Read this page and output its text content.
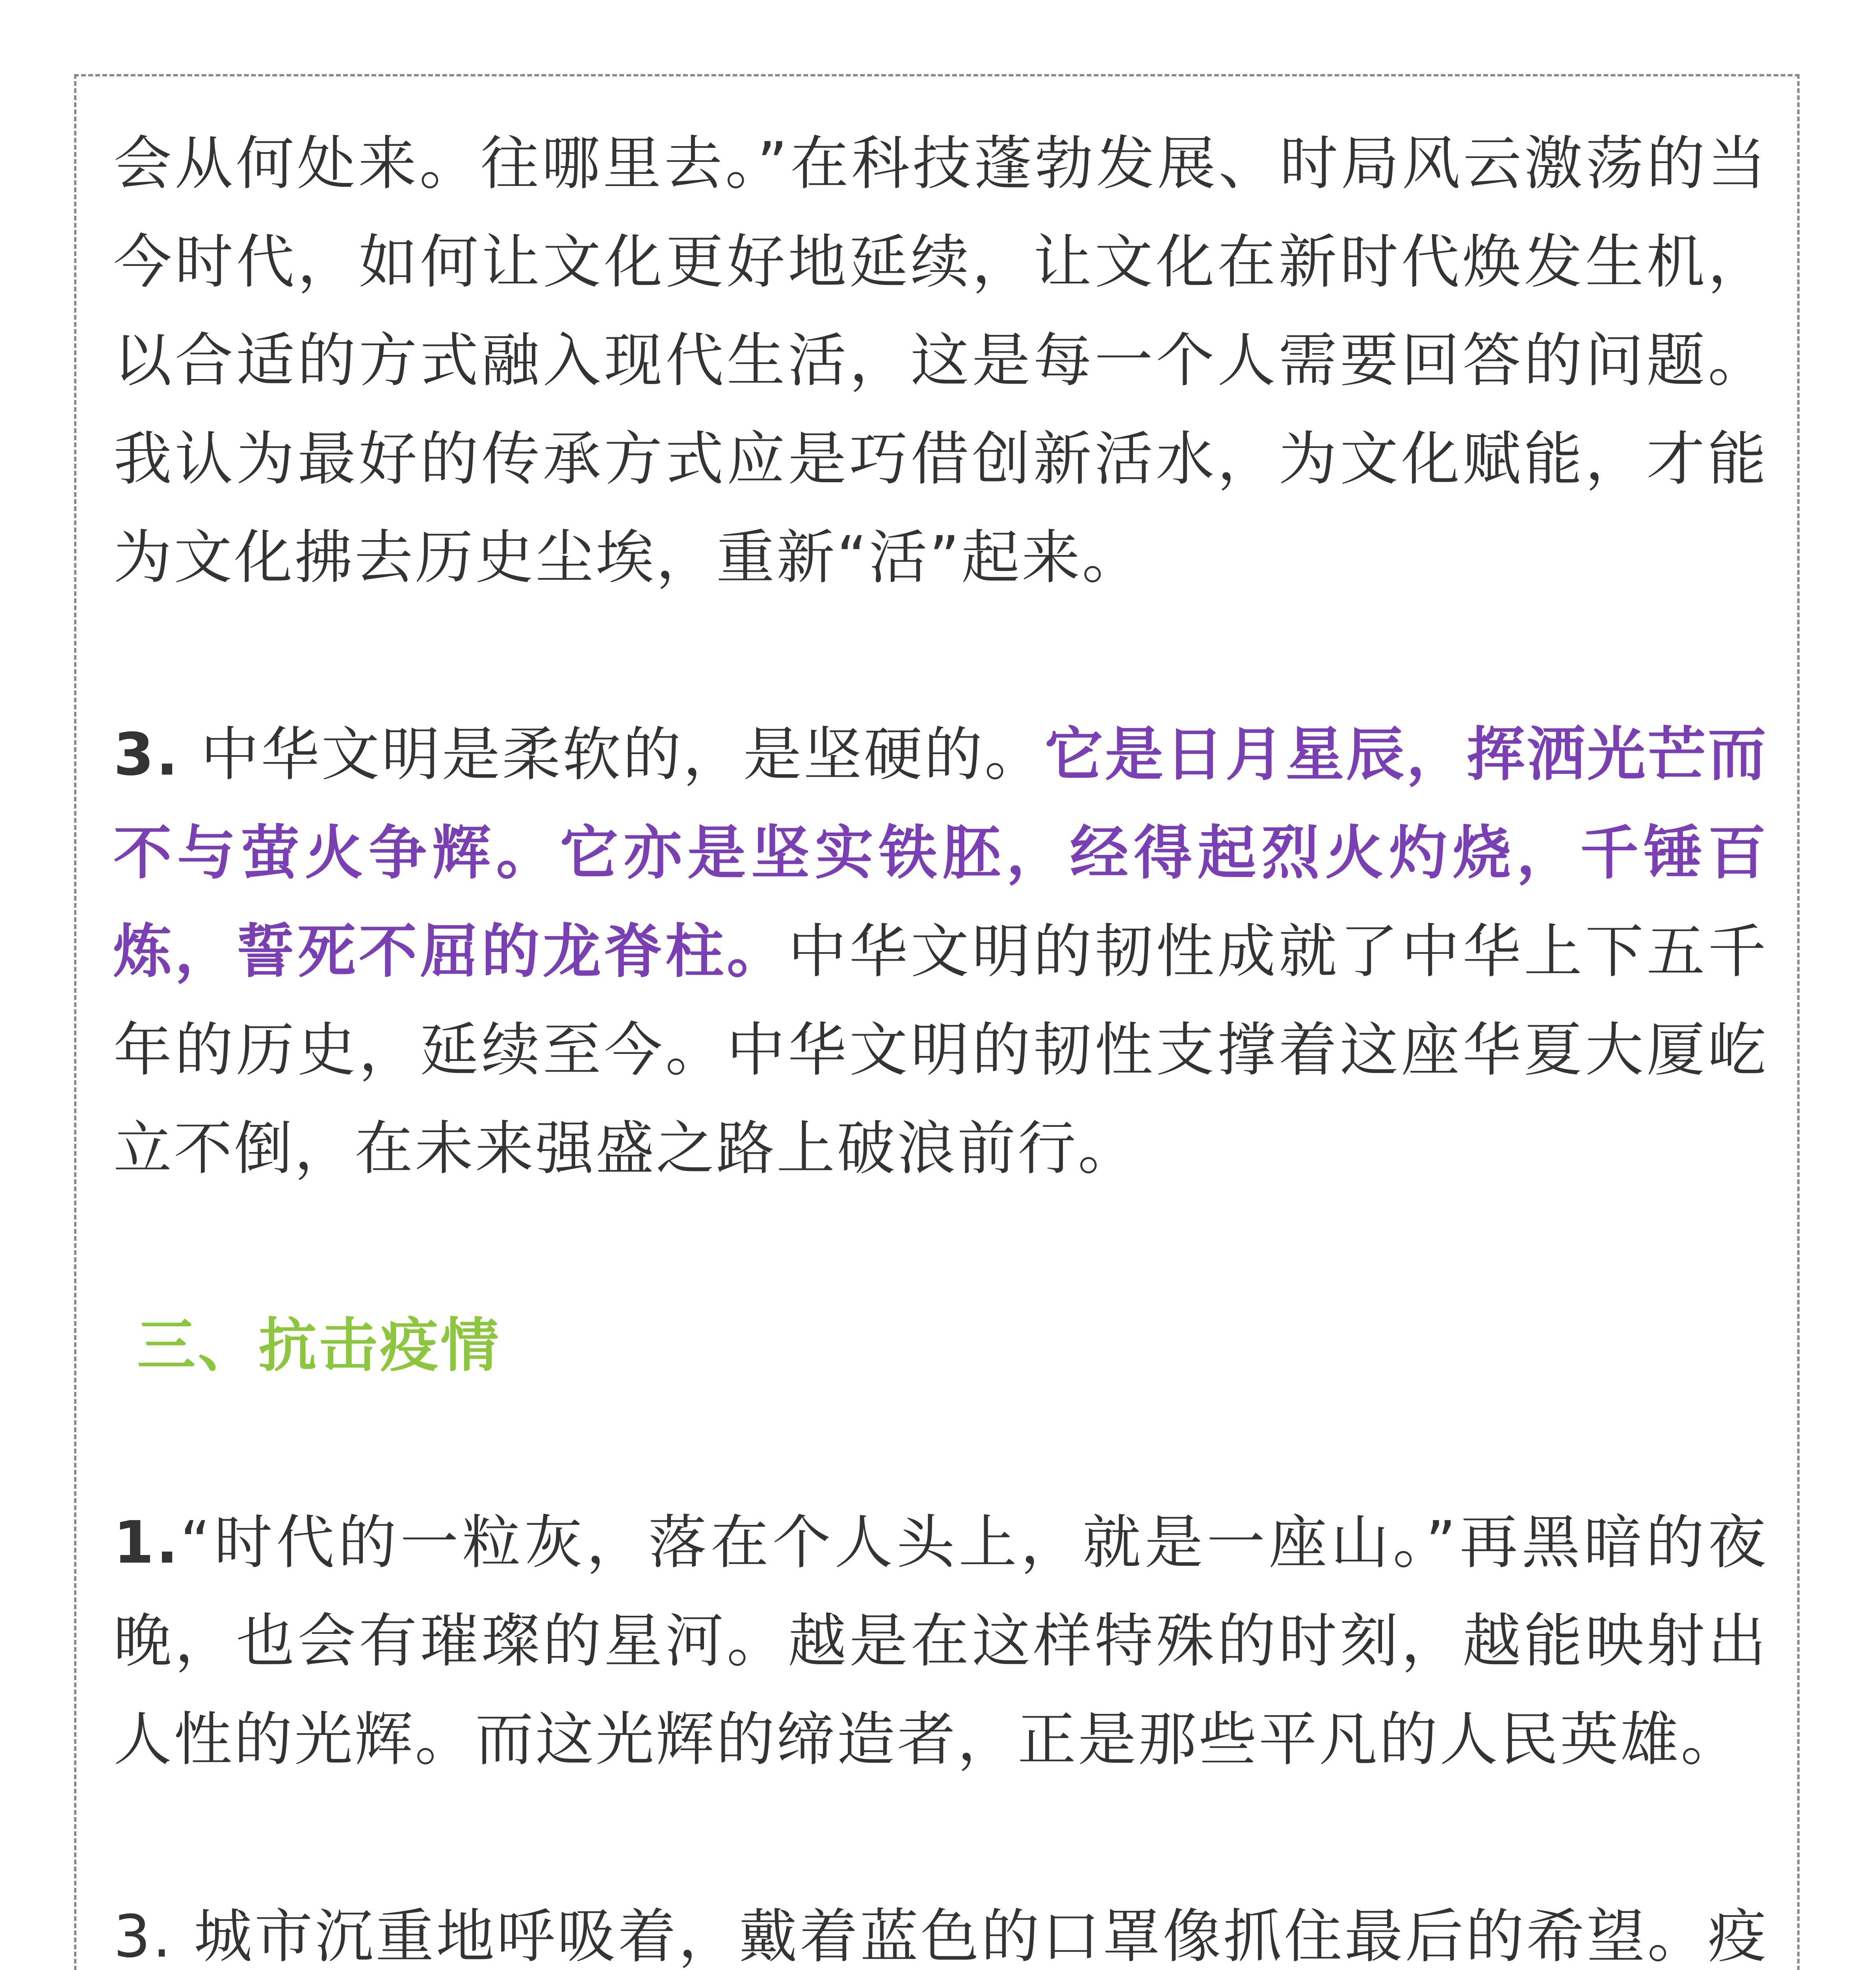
会从何处来。往哪里去。”在科技蓬勃发展、时局风云激荡的当今时代，如何让文化更好地延续，让文化在新时代焕发生机，以合适的方式融入现代生活，这是每一个人需要回答的问题。我认为最好的传承方式应是巧借创新活水，为文化赋能，才能为文化拂去历史尘埃，重新“活”起来。

3. 中华文明是柔软的，是坚硬的。它是日月星辰，挥洒光芒而不与萤火争辉。它亦是坚实铁胚，经得起烈火灼烧，千锤百炼，誓死不屈的龙脊柱。中华文明的韧性成就了中华上下五千年的历史，延续至今。中华文明的韧性支撑着这座华夏大厦屹立不倒，在未来强盛之路上破浪前行。

三、抗击疫情

1.“时代的一粒灰，落在个人头上，就是一座山。”再黑暗的夜晚，也会有璀璨的星河。越是在这样特殊的时刻，越能映射出人性的光辉。而这光辉的缔造者，正是那些平凡的人民英雄。

3. 城市沉重地呼吸着，戴着蓝色的口罩像抓住最后的希望。疫
